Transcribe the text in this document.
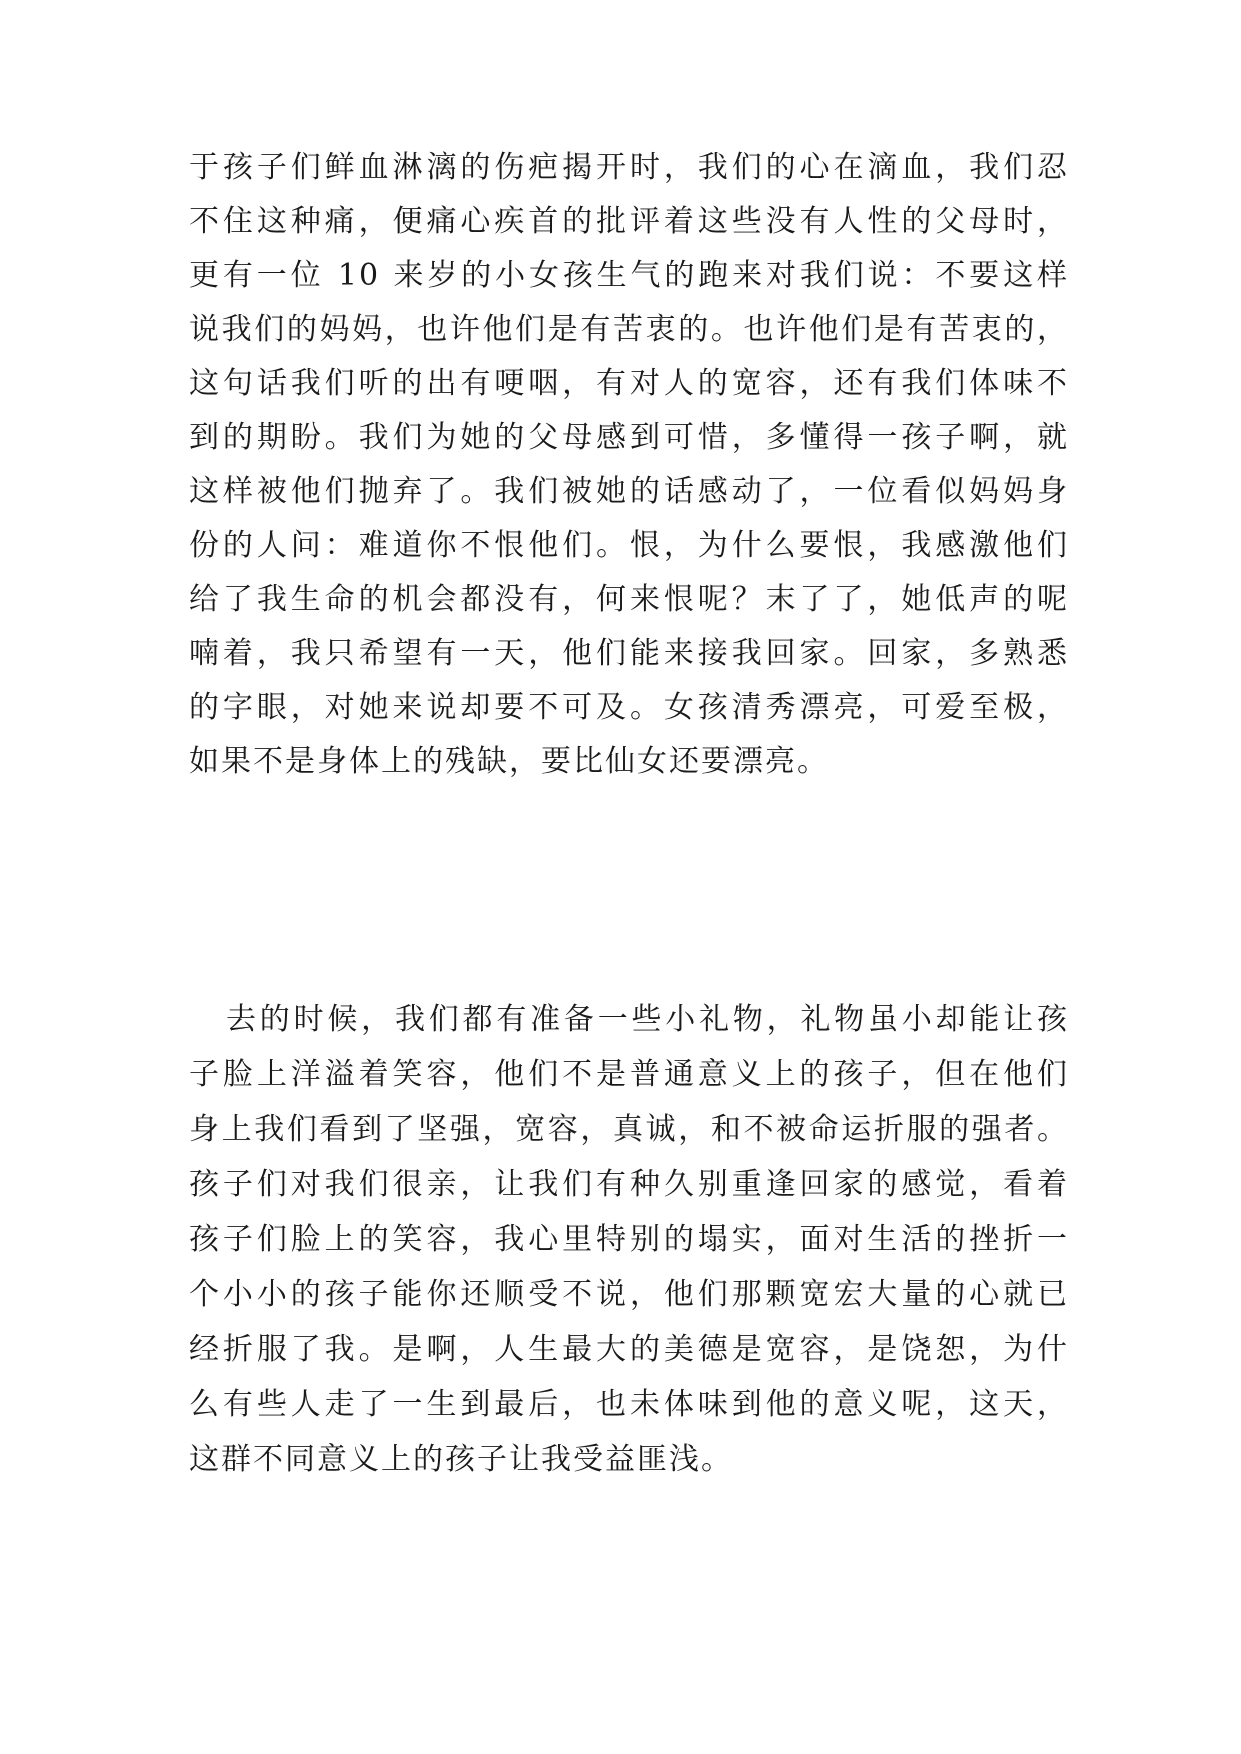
于孩子们鲜血淋漓的伤疤揭开时，我们的心在滴血，我们忍
不住这种痛，便痛心疾首的批评着这些没有人性的父母时，
更有一位 10 来岁的小女孩生气的跑来对我们说：不要这样
说我们的妈妈，也许他们是有苦衷的。也许他们是有苦衷的，
这句话我们听的出有哽咽，有对人的宽容，还有我们体味不
到的期盼。我们为她的父母感到可惜，多懂得一孩子啊，就
这样被他们抛弃了。我们被她的话感动了，一位看似妈妈身
份的人问：难道你不恨他们。恨，为什么要恨，我感激他们
给了我生命的机会都没有，何来恨呢？末了了，她低声的呢
喃着，我只希望有一天，他们能来接我回家。回家，多熟悉
的字眼，对她来说却要不可及。女孩清秀漂亮，可爱至极，
如果不是身体上的残缺，要比仙女还要漂亮。
去的时候，我们都有准备一些小礼物，礼物虽小却能让孩
子脸上洋溢着笑容，他们不是普通意义上的孩子，但在他们
身上我们看到了坚强，宽容，真诚，和不被命运折服的强者。
孩子们对我们很亲，让我们有种久别重逢回家的感觉，看着
孩子们脸上的笑容，我心里特别的塌实，面对生活的挫折一
个小小的孩子能你还顺受不说，他们那颗宽宏大量的心就已
经折服了我。是啊，人生最大的美德是宽容，是饶恕，为什
么有些人走了一生到最后，也未体味到他的意义呢，这天，
这群不同意义上的孩子让我受益匪浅。
